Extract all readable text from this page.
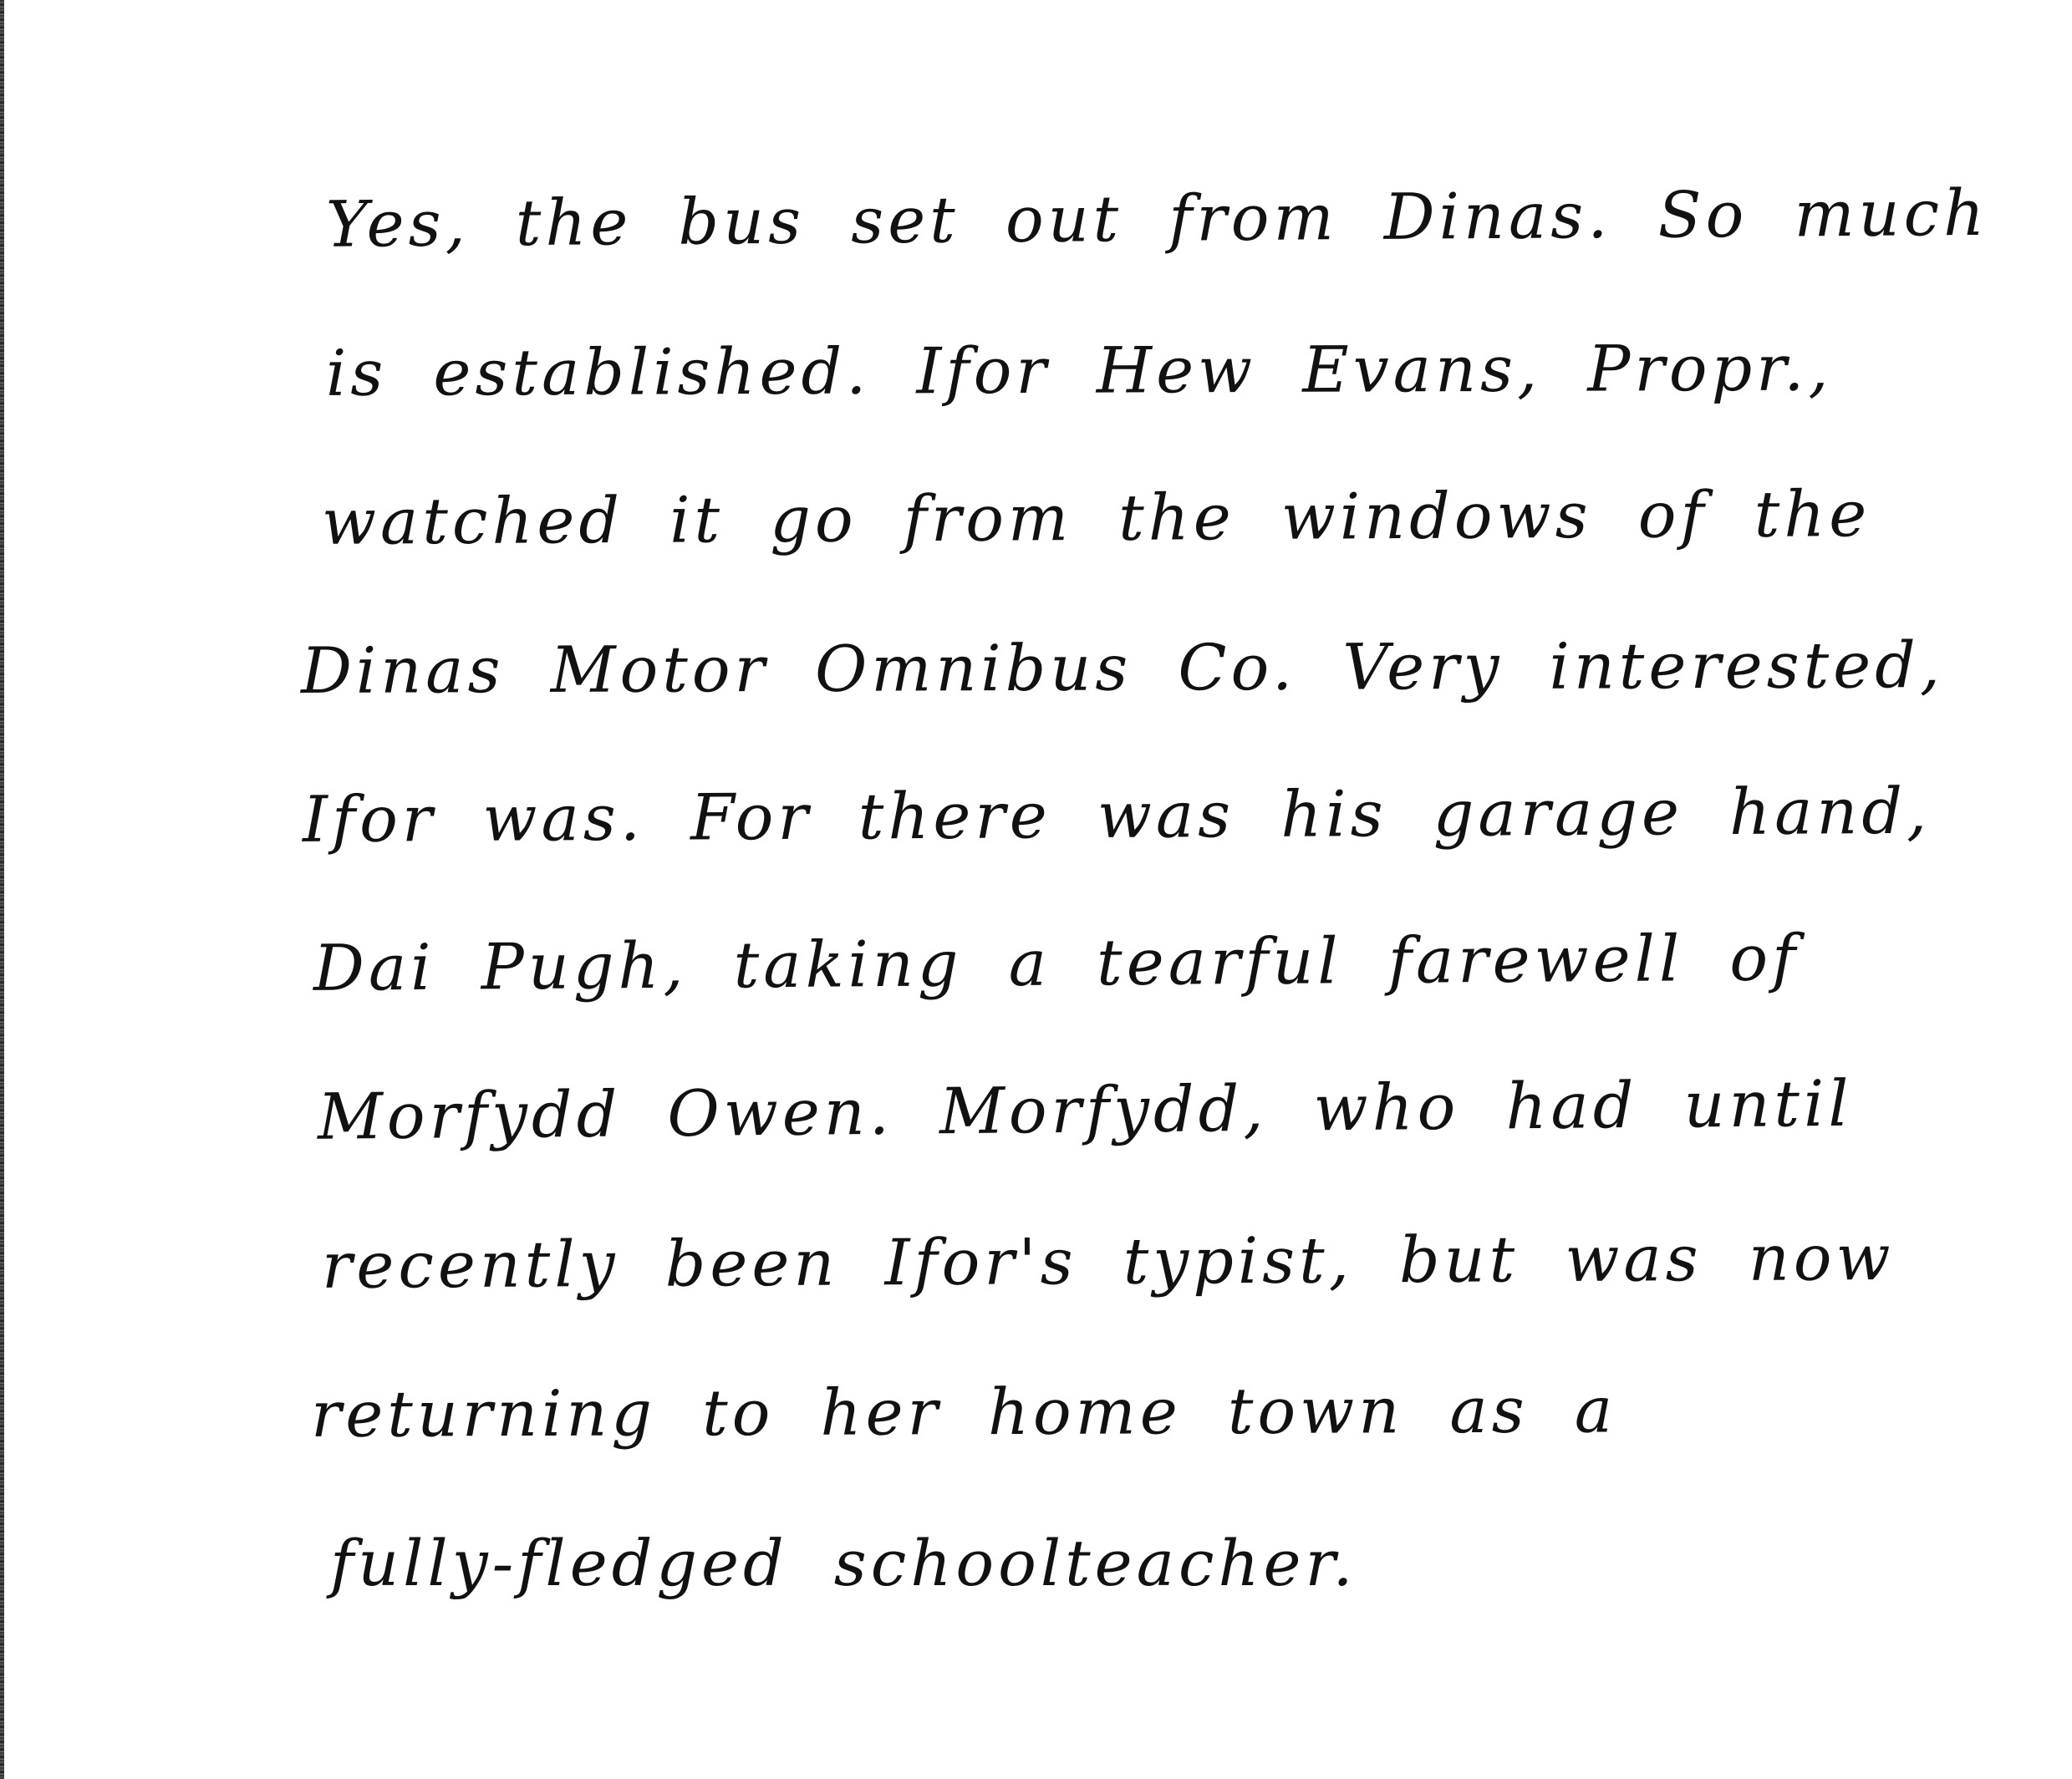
Yes, the bus set out from Dinas. So much
is established. Ifor Hew Evans, Propr.,
watched it go from the windows of the
Dinas Motor Omnibus Co. Very interested,
Ifor was. For there was his garage hand,
Dai Pugh, taking a tearful farewell of
Morfydd Owen. Morfydd, who had until
recently been Ifor's typist, but was now
returning to her home town as a
fully-fledged schoolteacher.
